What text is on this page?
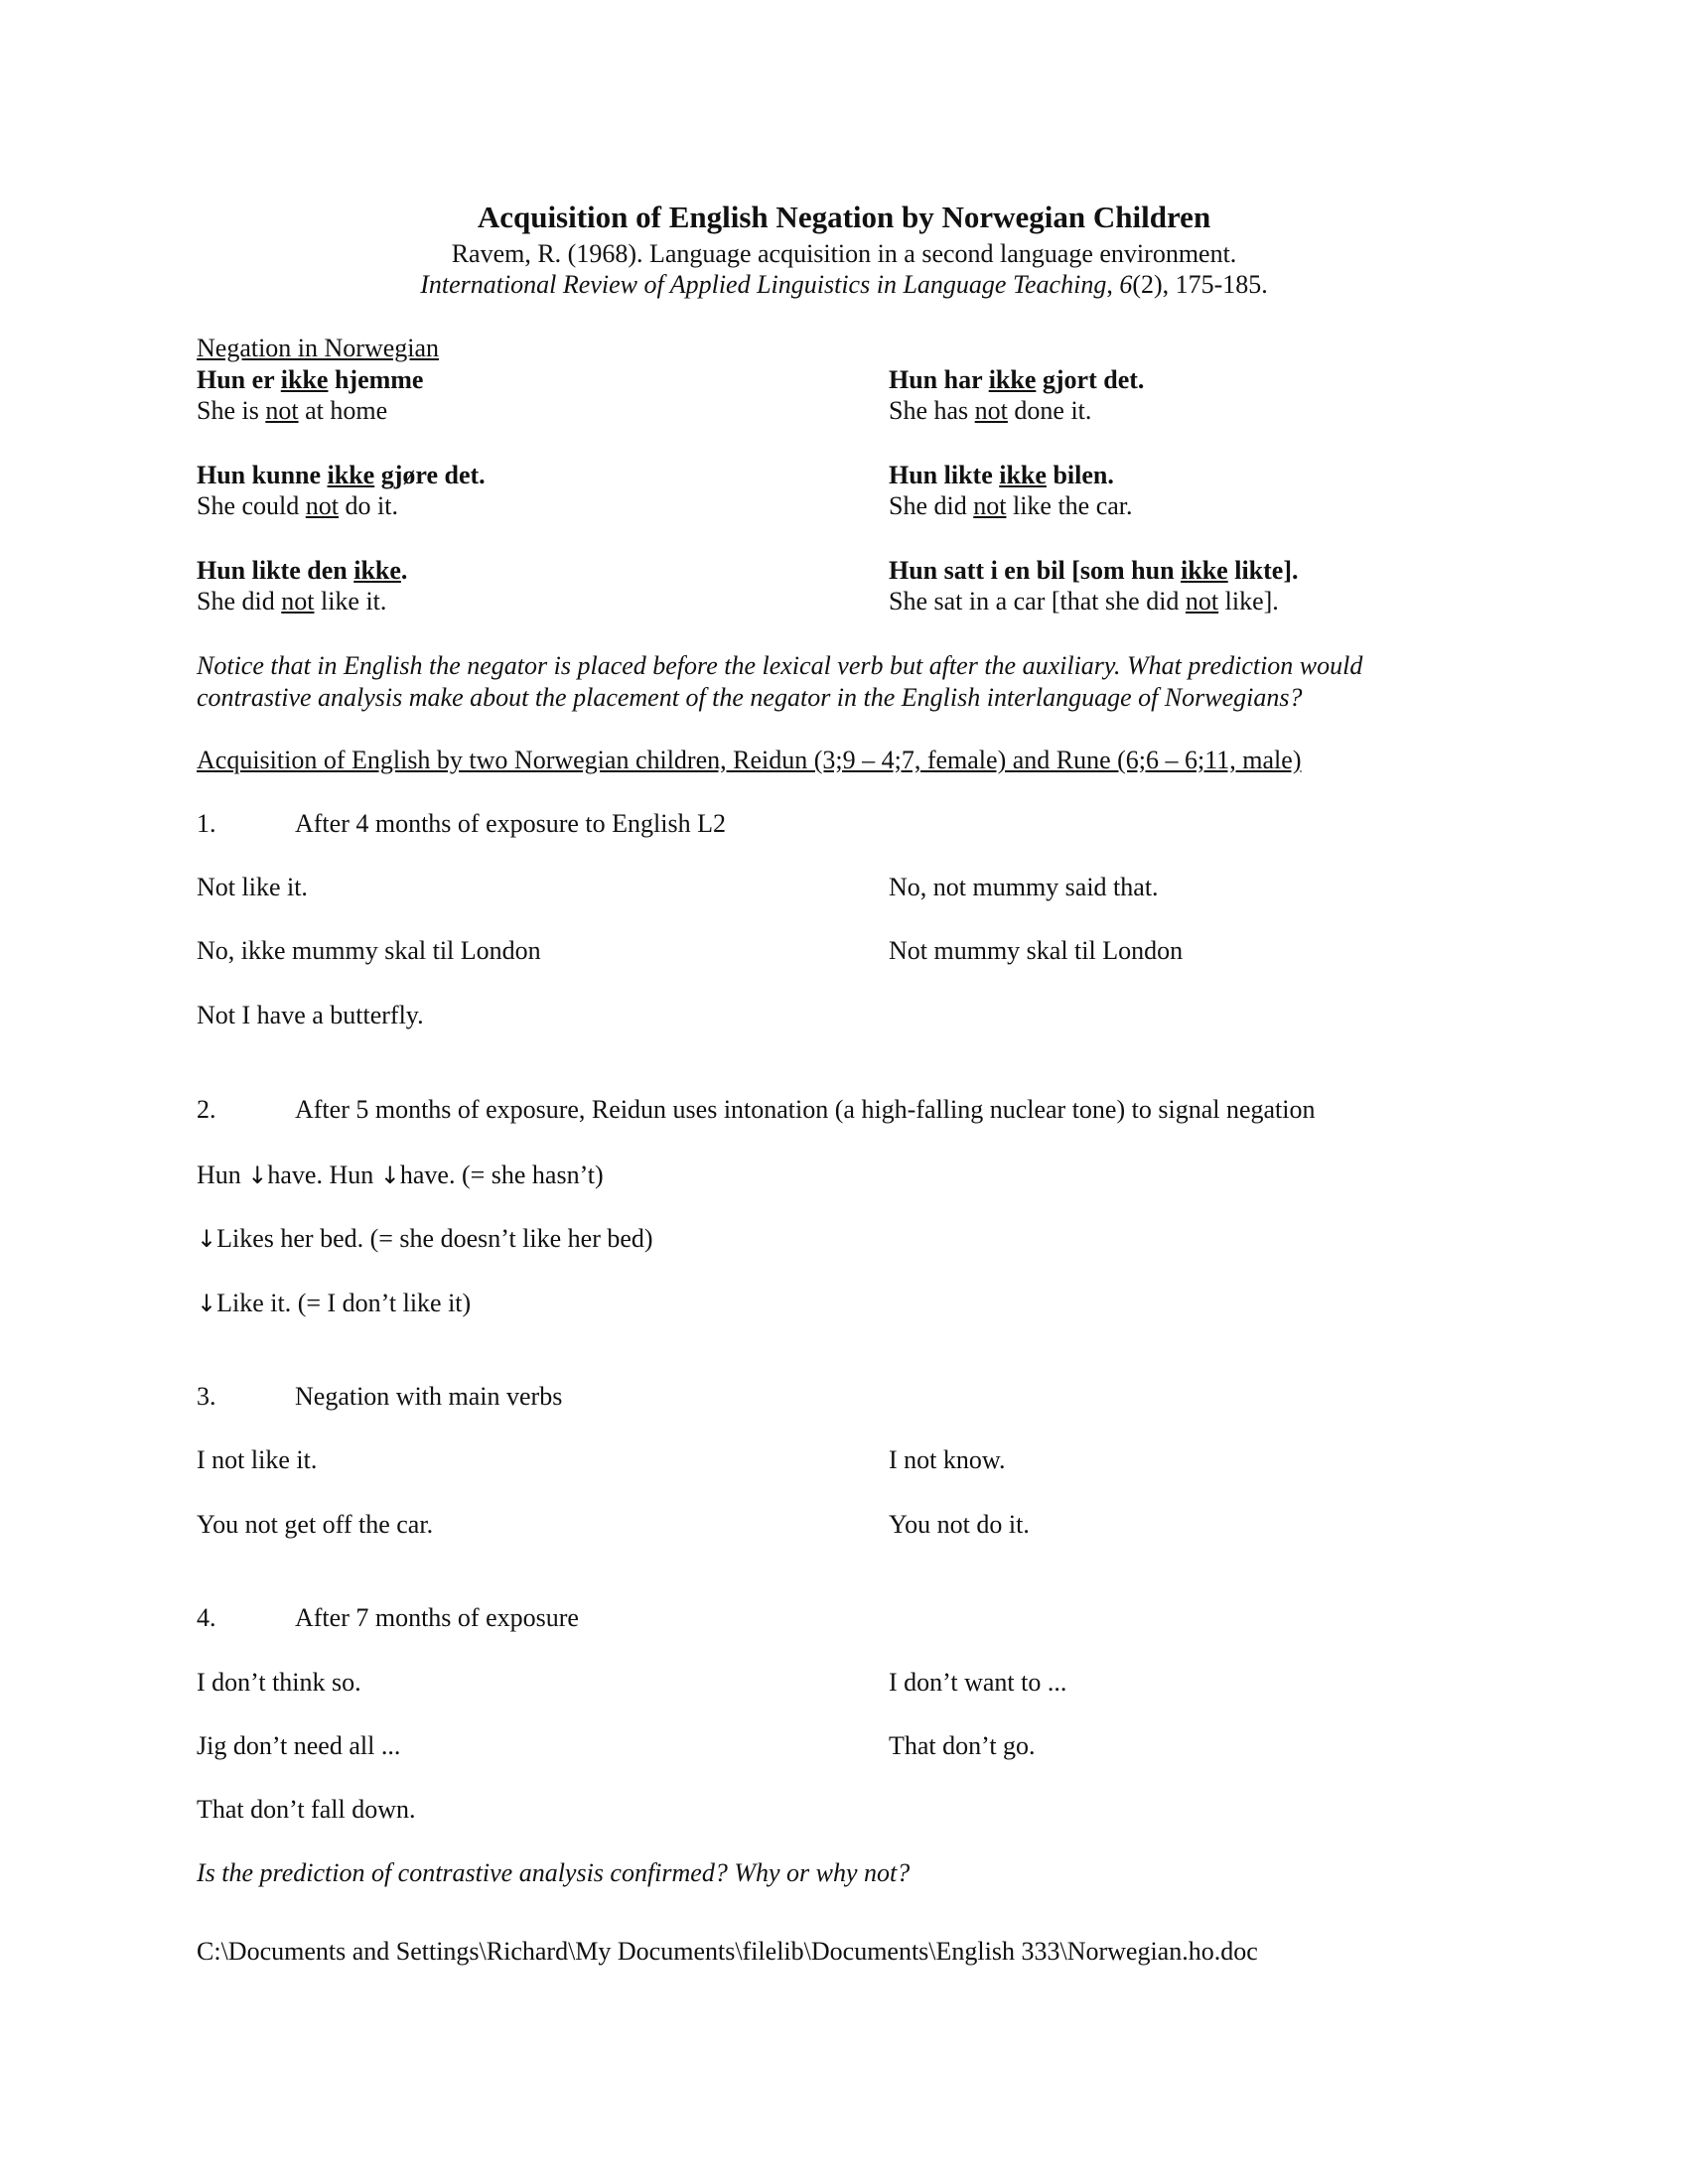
Acquisition of English Negation by Norwegian Children
Ravem, R. (1968). Language acquisition in a second language environment.
International Review of Applied Linguistics in Language Teaching, 6(2), 175-185.
Negation in Norwegian
Hun er ikke hjemme
She is not at home
Hun har ikke gjort det.
She has not done it.
Hun kunne ikke gjøre det.
She could not do it.
Hun likte ikke bilen.
She did not like the car.
Hun likte den ikke.
She did not like it.
Hun satt i en bil [som hun ikke likte].
She sat in a car [that she did not like].
Notice that in English the negator is placed before the lexical verb but after the auxiliary. What prediction would
contrastive analysis make about the placement of the negator in the English interlanguage of Norwegians?
Acquisition of English by two Norwegian children, Reidun (3;9 – 4;7, female) and Rune (6;6 – 6;11, male)
1.	After 4 months of exposure to English L2
Not like it.	No, not mummy said that.
No, ikke mummy skal til London	Not mummy skal til London
Not I have a butterfly.
2.	After 5 months of exposure, Reidun uses intonation (a high-falling nuclear tone) to signal negation
Hun ↓have. Hun ↓have. (= she hasn’t)
↓Likes her bed. (= she doesn’t like her bed)
↓Like it. (= I don’t like it)
3.	Negation with main verbs
I not like it.	I not know.
You not get off the car.	You not do it.
4.	After 7 months of exposure
I don’t think so.	I don’t want to ...
Jig don’t need all ...	That don’t go.
That don’t fall down.
Is the prediction of contrastive analysis confirmed? Why or why not?
C:\Documents and Settings\Richard\My Documents\filelib\Documents\English 333\Norwegian.ho.doc
